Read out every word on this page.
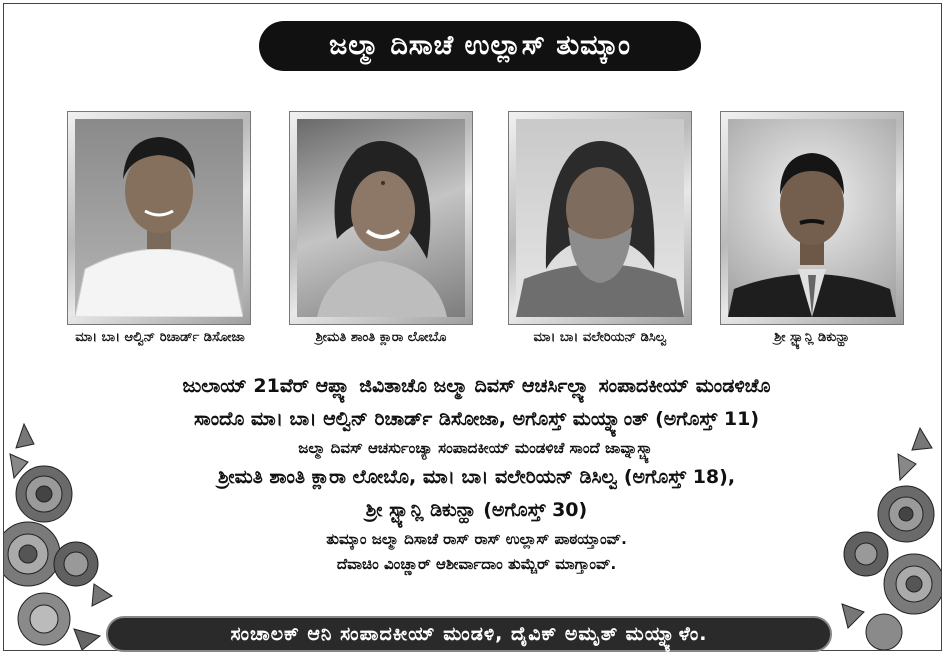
ಜಲ್ಮಾ ದಿಸಾಚೆ ಉಲ್ಲಾಸ್ ತುಮ್ಕಾಂ
ಮಾ। ಬಾ। ಆಲ್ವಿನ್ ರಿಚಾರ್ಡ್ ಡಿಸೋಜಾ	ಶ್ರೀಮತಿ ಶಾಂತಿ ಕ್ಲಾರಾ ಲೋಬೊ	ಮಾ। ಬಾ। ವಲೇರಿಯನ್ ಡಿಸಿಲ್ವ	ಶ್ರೀ ಸ್ಟ್ಯಾನ್ಲಿ ಡಿಕುನ್ಹಾ
ಜುಲಾಯ್ 21ವೆರ್ ಆಪ್ಲ್ಯಾ ಜಿವಿತಾಚೊ ಜಲ್ಮಾ ದಿವಸ್ ಆಚರ್ಸಿಲ್ಲ್ಯಾ ಸಂಪಾದಕೀಯ್ ಮಂಡಳಿಚೊ
ಸಾಂದೊ ಮಾ। ಬಾ। ಆಲ್ವಿನ್ ರಿಚಾರ್ಡ್ ಡಿಸೋಜಾ, ಅಗೊಸ್ತ್ ಮಯ್ನ್ಯಾಂತ್ (ಅಗೊಸ್ತ್ 11)
ಜಲ್ಮಾ ದಿವಸ್ ಆಚರ್ಸುಂಚ್ಯಾ ಸಂಪಾದಕೀಯ್ ಮಂಡಳಿಚೆ ಸಾಂದೆ ಜಾವ್ನಾಸ್ಚ್ಯಾ
ಶ್ರೀಮತಿ ಶಾಂತಿ ಕ್ಲಾರಾ ಲೋಬೊ, ಮಾ। ಬಾ। ವಲೇರಿಯನ್ ಡಿಸಿಲ್ವ (ಅಗೊಸ್ತ್ 18),
ಶ್ರೀ ಸ್ಟ್ಯಾನ್ಲಿ ಡಿಕುನ್ಹಾ (ಅಗೊಸ್ತ್ 30)
ತುಮ್ಕಾಂ ಜಲ್ಮಾ ದಿಸಾಚೆ ರಾಸ್ ರಾಸ್ ಉಲ್ಲಾಸ್ ಪಾಠಯ್ತಾಂವ್.
ದೆವಾಚಿಂ ವಿಂಚ್ಣಾರ್ ಆಶೀರ್ವಾದಾಂ ತುಮ್ಚೆರ್ ಮಾಗ್ತಾಂವ್.
ಸಂಚಾಲಕ್ ಆನಿ ಸಂಪಾದಕೀಯ್ ಮಂಡಳಿ, ದೈವಿಕ್ ಅಮೃತ್ ಮಯ್ನ್ಯಾಳೆಂ.
